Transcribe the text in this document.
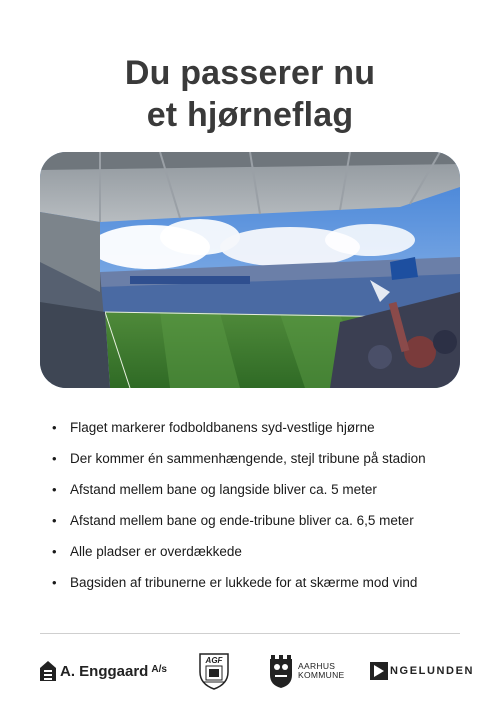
Du passerer nu
et hjørneflag
• Flaget markerer fodboldbanens syd-vestlige hjørne
• Der kommer én sammenhængende, stejl tribune på stadion
• Afstand mellem bane og langside bliver ca. 5 meter
• Afstand mellem bane og ende-tribune bliver ca. 6,5 meter
• Alle pladser er overdækkede
• Bagsiden af tribunerne er lukkede for at skærme mod vind
A. Enggaard A/s
AGF
AARHUS
KOMMUNE	NGELUNDEN
